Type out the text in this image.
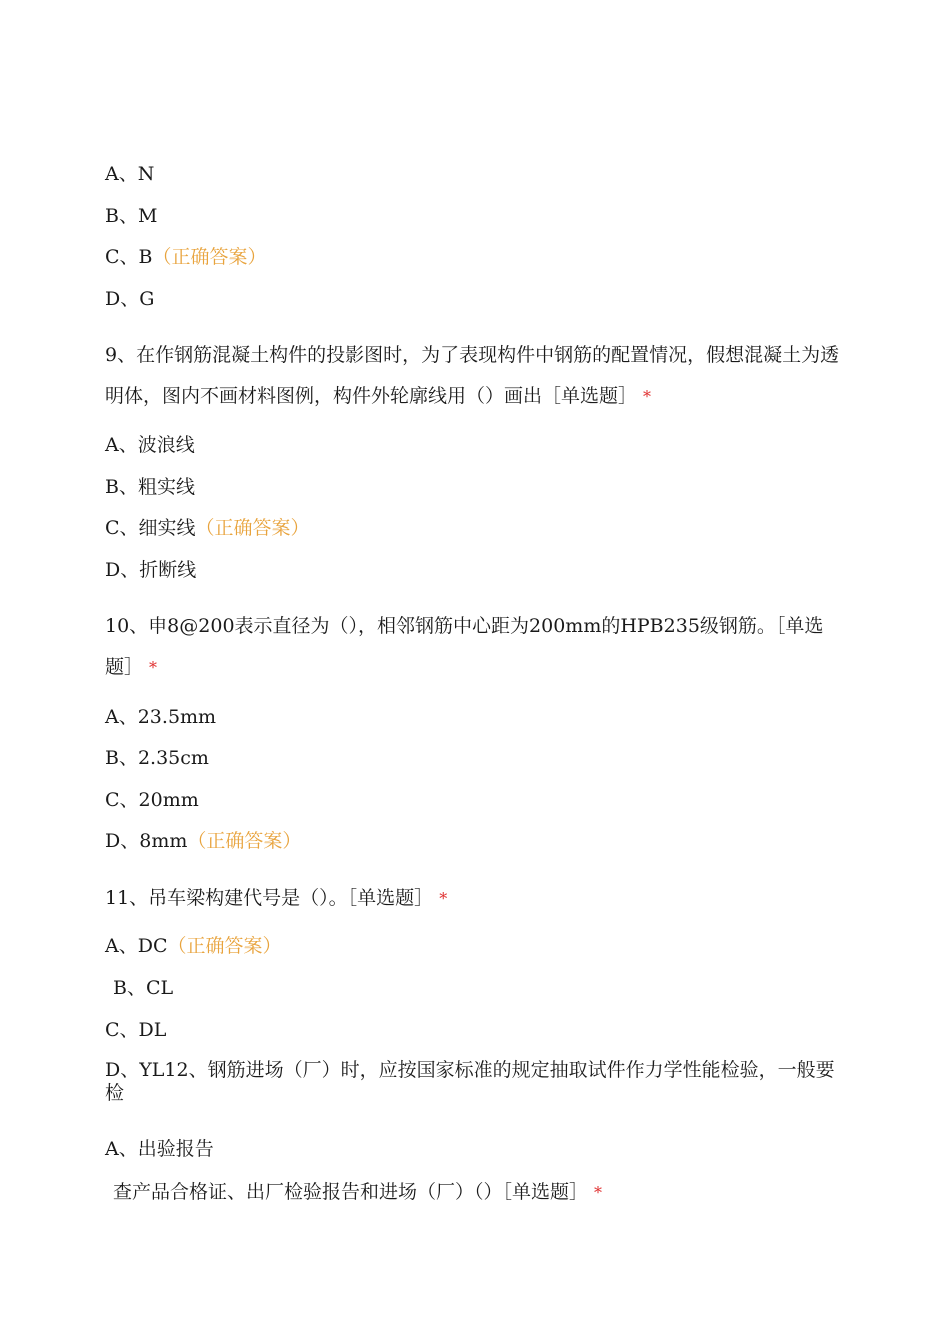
A、N
B、M
C、B（正确答案）
D、G
9、在作钢筋混凝土构件的投影图时，为了表现构件中钢筋的配置情况，假想混凝土为透明体，图内不画材料图例，构件外轮廓线用（）画出［单选题］ *
A、波浪线
B、粗实线
C、细实线（正确答案）
D、折断线
10、申8@200表示直径为（），相邻钢筋中心距为200mm的HPB235级钢筋。［单选题］ *
A、23.5mm
B、2.35cm
C、20mm
D、8mm（正确答案）
11、吊车梁构建代号是（）。［单选题］ *
A、DC（正确答案）
B、CL
C、DL
D、YL12、钢筋进场（厂）时，应按国家标准的规定抽取试件作力学性能检验，一般要检
A、出验报告
查产品合格证、出厂检验报告和进场（厂）（）［单选题］ *
